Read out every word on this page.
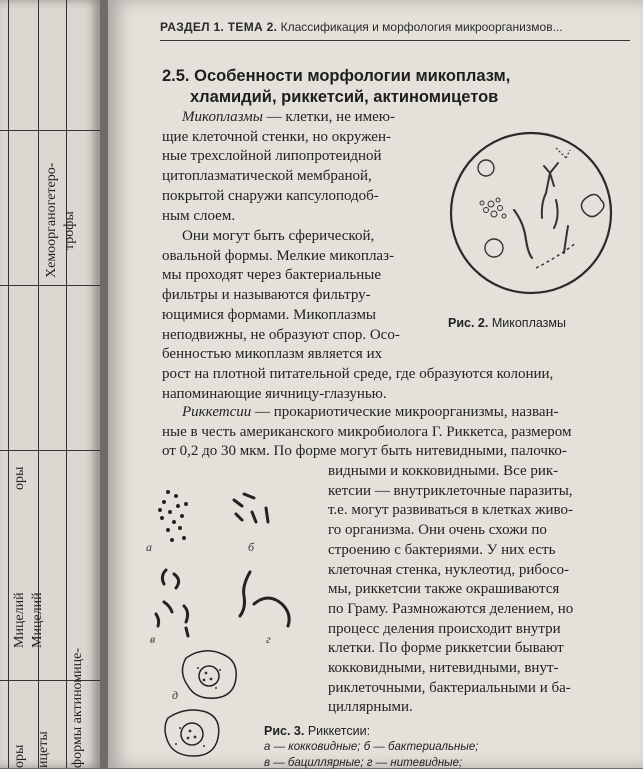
Хемоорганогетеро- трофы
Мицелий Мицелий
формы актиномице-
ицеты
оры
оры
РАЗДЕЛ 1. ТЕМА 2. Классификация и морфология микроорганизмов...
2.5. Особенности морфологии микоплазм,
хламидий, риккетсий, актиномицетов
Микоплазмы — клетки, не имею-
щие клеточной стенки, но окружен-
ные трехслойной липопротеидной
цитоплазматической мембраной,
покрытой снаружи капсулоподоб-
ным слоем.
Они могут быть сферической,
овальной формы. Мелкие микоплаз-
мы проходят через бактериальные
фильтры и называются фильтру-
ющимися формами. Микоплазмы
неподвижны, не образуют спор. Осо-
бенностью микоплазм является их
рост на плотной питательной среде, где образуются колонии,
напоминающие яичницу-глазунью.
Рис. 2. Микоплазмы
Риккетсии — прокариотические микроорганизмы, назван-
ные в честь американского микробиолога Г. Риккетса, размером
от 0,2 до 30 мкм. По форме могут быть нитевидными, палочко-
видными и кокковидными. Все рик-
кетсии — внутриклеточные паразиты,
т.е. могут развиваться в клетках живо-
го организма. Они очень схожи по
строению с бактериями. У них есть
клеточная стенка, нуклеотид, рибосо-
мы, риккетсии также окрашиваются
по Граму. Размножаются делением, но
процесс деления происходит внутри
клетки. По форме риккетсии бывают
кокковидными, нитевидными, внут-
риклеточными, бактериальными и ба-
циллярными.
а	б
в	г
д
Рис. 3. Риккетсии:
а — кокковидные; б — бактериальные;
в — бациллярные; г — нитевидные;
